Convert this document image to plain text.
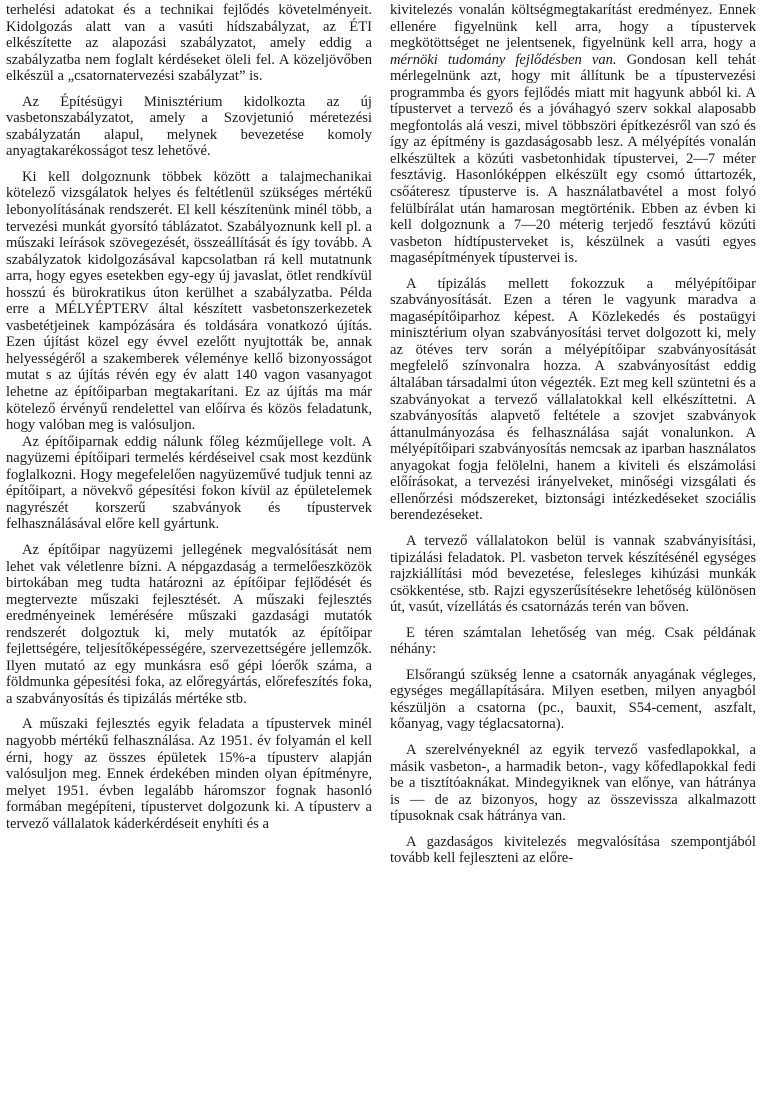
terhelési adatokat és a technikai fejlődés követelményeit. Kidolgozás alatt van a vasúti hídszabályzat, az ÉTI elkészítette az alapozási szabályzatot, amely eddig a szabályzatba nem foglalt kérdéseket öleli fel. A közeljövőben elkészül a „csatornatervezési szabályzat” is.

Az Építésügyi Minisztérium kidolkozta az új vasbetonszabályzatot, amely a Szovjetunió méretezési szabályzatán alapul, melynek bevezetése komoly anyagtakarékosságot tesz lehetővé.

Ki kell dolgoznunk többek között a talajmechanikai kötelező vizsgálatok helyes és feltétlenül szükséges mértékű lebonyolításának rendszerét. El kell készítenünk minél több, a tervezési munkát gyorsító táblázatot. Szabályoznunk kell pl. a műszaki leírások szövegezését, összeállítását és így tovább. A szabályzatok kidolgozásával kapcsolatban rá kell mutatnunk arra, hogy egyes esetekben egy-egy új javaslat, ötlet rendkívül hosszú és bürokratikus úton kerülhet a szabályzatba. Példa erre a MÉLYÉPTERV által készített vasbetonszerkezetek vasbetétjeinek kampózására és toldására vonatkozó újítás. Ezen újítást közel egy évvel ezelőtt nyujtották be, annak helyességéről a szakemberek véleménye kellő bizonyosságot mutat s az újítás révén egy év alatt 140 vagon vasanyagot lehetne az építőiparban megtakarítani. Ez az újítás ma már kötelező érvényű rendelettel van előírva és közös feladatunk, hogy valóban meg is valósuljon.

Az építőiparnak eddig nálunk főleg kézműjellege volt. A nagyüzemi építőipari termelés kérdéseivel csak most kezdünk foglalkozni. Hogy megefelelően nagyüzeművé tudjuk tenni az építőipart, a növekvő gépesítési fokon kívül az épületelemek nagyrészét korszerű szabványok és típustervek felhasználásával előre kell gyártunk.

Az építőipar nagyüzemi jellegének megvalósítását nem lehet vak véletlenre bízni. A népgazdaság a termelőeszközök birtokában meg tudta határozni az építőipar fejlődését és megtervezte műszaki fejlesztését. A műszaki fejlesztés eredményeinek lemérésére műszaki gazdasági mutatók rendszerét dolgoztuk ki, mely mutatók az építőipar fejlettségére, teljesítőképességére, szervezettségére jellemzők. Ilyen mutató az egy munkásra eső gépi lóerők száma, a földmunka gépesítési foka, az előregyártás, előrefeszítés foka, a szabványosítás és tipizálás mértéke stb.

A műszaki fejlesztés egyik feladata a típustervek minél nagyobb mértékű felhasználása. Az 1951. év folyamán el kell érni, hogy az összes épületek 15%-a típusterv alapján valósuljon meg. Ennek érdekében minden olyan építményre, melyet 1951. évben legalább háromszor fognak hasonló formában megépíteni, típustervet dolgozunk ki. A típusterv a tervező vállalatok káderkérdéseit enyhíti és a

kivitelezés vonalán költségmegtakarítást eredményez. Ennek ellenére figyelnünk kell arra, hogy a típustervek megkötöttséget ne jelentsenek, figyelnünk kell arra, hogy a mérnöki tudomány fejlődésben van. Gondosan kell tehát mérlegelnünk azt, hogy mit állítunk be a típustervezési programmba és gyors fejlődés miatt mit hagyunk abból ki. A típustervet a tervező és a jóváhagyó szerv sokkal alaposabb megfontolás alá veszi, mivel többszöri építkezésről van szó és így az építmény is gazdaságosabb lesz. A mélyépítés vonalán elkészültek a közúti vasbetonhidak típustervei, 2—7 méter fesztávig. Hasonlóképpen elkészült egy csomó úttartozék, csőáteresz típusterve is. A használatbavétel a most folyó felülbírálat után hamarosan megtörténik. Ebben az évben ki kell dolgoznunk a 7—20 méterig terjedő fesztávú közúti vasbeton hídtípusterveket is, készülnek a vasúti egyes magasépítmények típustervei is.

A típizálás mellett fokozzuk a mélyépítőipar szabványosítását. Ezen a téren le vagyunk maradva a magasépítőiparhoz képest. A Közlekedés és postaügyi minisztérium olyan szabványosítási tervet dolgozott ki, mely az ötéves terv során a mélyépítőipar szabványosítását megfelelő színvonalra hozza. A szabványosítást eddig általában társadalmi úton végezték. Ezt meg kell szüntetni és a szabványokat a tervező vállalatokkal kell elkészíttetni. A szabványosítás alapvető feltétele a szovjet szabványok áttanulmányozása és felhasználása saját vonalunkon. A mélyépítőipari szabványosítás nemcsak az iparban használatos anyagokat fogja felölelni, hanem a kiviteli és elszámolási előírásokat, a tervezési irányelveket, minőségi vizsgálati és ellenőrzési módszereket, biztonsági intézkedéseket szociális berendezéseket.

A tervező vállalatokon belül is vannak szabványisítási, tipizálási feladatok. Pl. vasbeton tervek készítésénél egységes rajzkiállítási mód bevezetése, felesleges kihúzási munkák csökkentése, stb. Rajzi egyszerűsítésekre lehetőség különösen út, vasút, vízellátás és csatornázás terén van bőven.

E téren számtalan lehetőség van még. Csak példának néhány:

Elsőrangú szükség lenne a csatornák anyagának végleges, egységes megállapítására. Milyen esetben, milyen anyagból készüljön a csatorna (pc., bauxit, S54-cement, aszfalt, kőanyag, vagy téglacsatorna).

A szerelvényeknél az egyik tervező vasfedlapokkal, a másik vasbeton-, a harmadik beton-, vagy kőfedlapokkal fedi be a tisztítóaknákat. Mindegyiknek van előnye, van hátránya is — de az bizonyos, hogy az összevissza alkalmazott típusoknak csak hátránya van.

A gazdaságos kivitelezés megvalósítása szempontjából tovább kell fejleszteni az előre-
